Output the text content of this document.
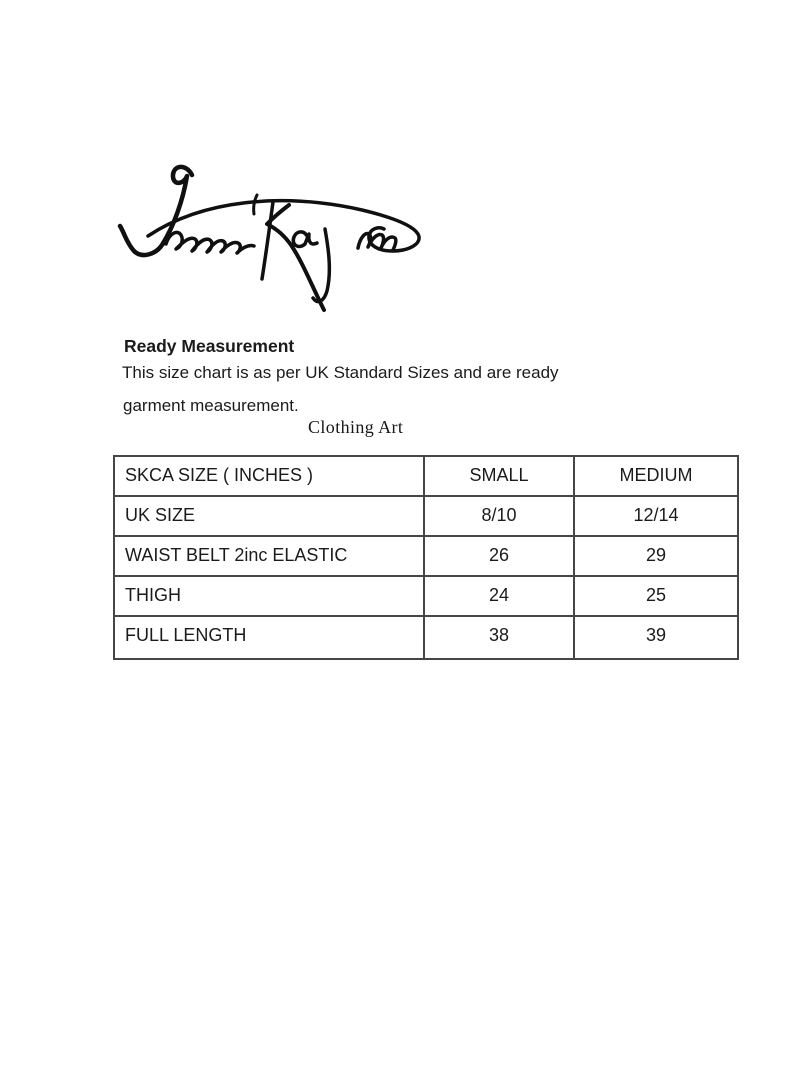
Clothing Art
Ready Measurement
This size chart is as per UK Standard Sizes and are ready
garment measurement.
SKCA SIZE ( INCHES )	SMALL	MEDIUM
UK SIZE	8/10	12/14
WAIST BELT 2inc ELASTIC	26	29
THIGH	24	25
FULL LENGTH	38	39
